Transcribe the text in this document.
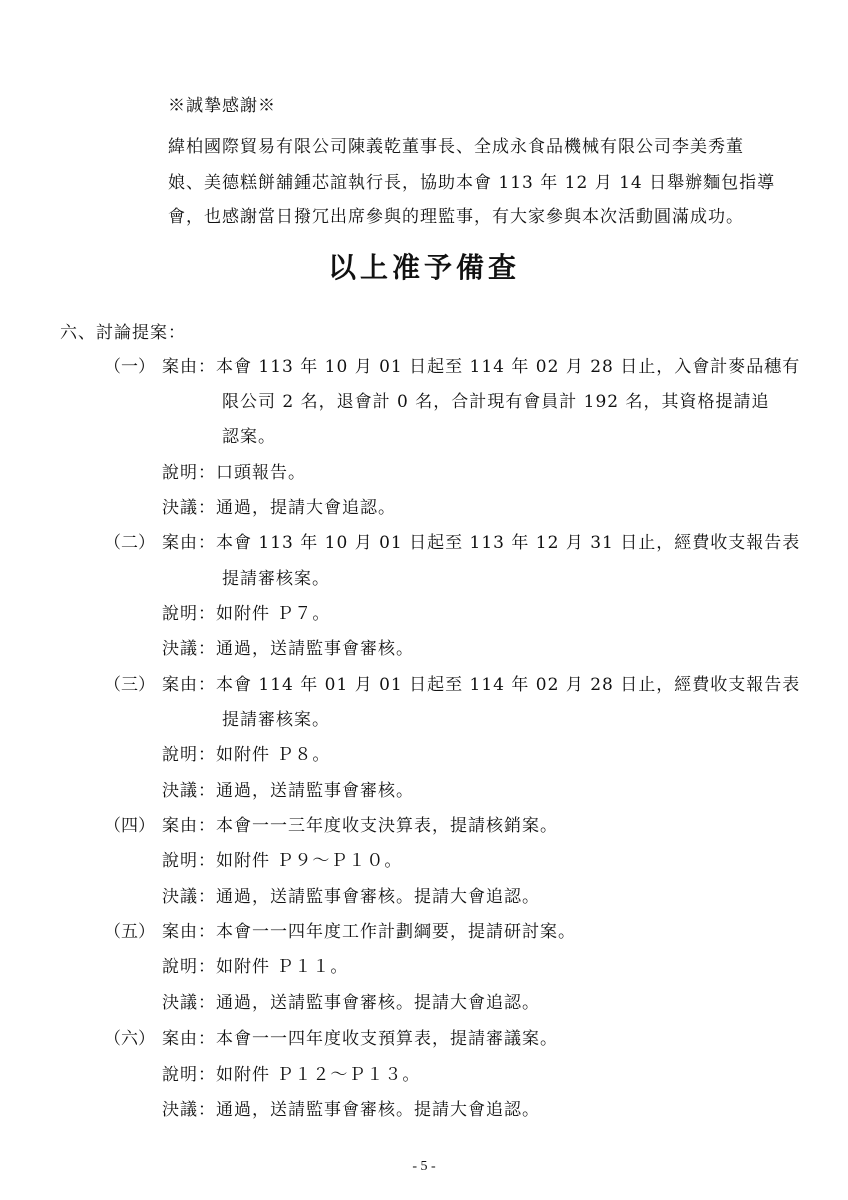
※誠摯感謝※
緯柏國際貿易有限公司陳義乾董事長、全成永食品機械有限公司李美秀董
娘、美德糕餅舖鍾芯誼執行長，協助本會 113 年 12 月 14 日舉辦麵包指導
會，也感謝當日撥冗出席參與的理監事，有大家參與本次活動圓滿成功。
以上准予備查
六、討論提案：
（一） 案由：本會 113 年 10 月 01 日起至 114 年 02 月 28 日止，入會計麥品穗有
限公司 2 名，退會計 0 名，合計現有會員計 192 名，其資格提請追
認案。
說明：口頭報告。
決議：通過，提請大會追認。
（二） 案由：本會 113 年 10 月 01 日起至 113 年 12 月 31 日止，經費收支報告表
提請審核案。
說明：如附件 Ｐ７。
決議：通過，送請監事會審核。
（三） 案由：本會 114 年 01 月 01 日起至 114 年 02 月 28 日止，經費收支報告表
提請審核案。
說明：如附件 Ｐ８。
決議：通過，送請監事會審核。
（四） 案由：本會一一三年度收支決算表，提請核銷案。
說明：如附件 Ｐ９～Ｐ１０。
決議：通過，送請監事會審核。提請大會追認。
（五） 案由：本會一一四年度工作計劃綱要，提請研討案。
說明：如附件 Ｐ１１。
決議：通過，送請監事會審核。提請大會追認。
（六） 案由：本會一一四年度收支預算表，提請審議案。
說明：如附件 Ｐ１２～Ｐ１３。
決議：通過，送請監事會審核。提請大會追認。
- 5 -
